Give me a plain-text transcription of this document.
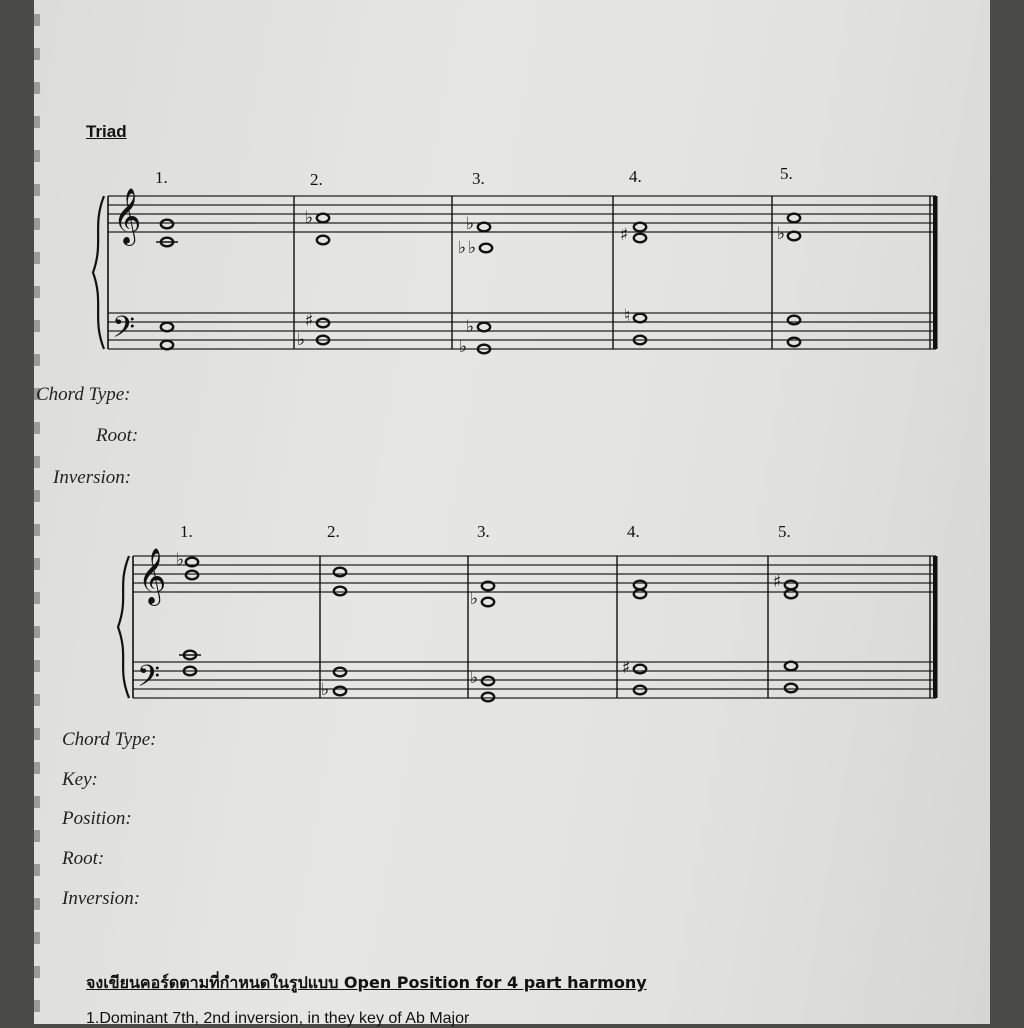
Triad
1.	2.	3.	4.	5.
Chord Type:
Root:
Inversion:
1.	2.	3.	4.	5.
Chord Type:
Key:
Position:
Root:
Inversion:
จงเขียนคอร์ดตามที่กำหนดในรูปแบบ Open Position for 4 part harmony
1.Dominant 7th, 2nd inversion, in they key of Ab Major
𝄞
𝄢
♭
♯
♭
♭
♭ ♭
♭
♭
♯
♮
♭
𝄞
𝄢
♭
♭
♭
♭	♯
♯
